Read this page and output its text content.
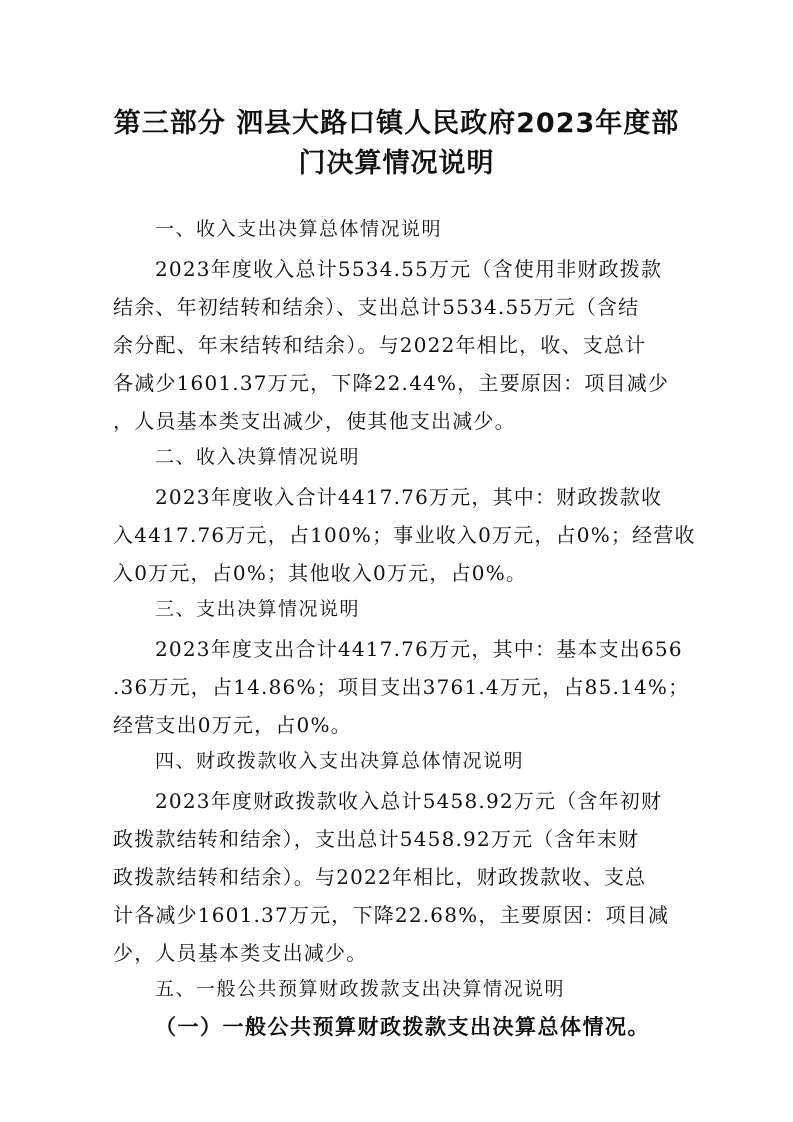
第三部分 泗县大路口镇人民政府2023年度部
门决算情况说明
一、收入支出决算总体情况说明
2023年度收入总计5534.55万元（含使用非财政拨款
结余、年初结转和结余）、支出总计5534.55万元（含结
余分配、年末结转和结余）。与2022年相比，收、支总计
各减少1601.37万元，下降22.44%，主要原因：项目减少
，人员基本类支出减少，使其他支出减少。
二、收入决算情况说明
2023年度收入合计4417.76万元，其中：财政拨款收
入4417.76万元，占100%；事业收入0万元，占0%；经营收
入0万元，占0%；其他收入0万元，占0%。
三、支出决算情况说明
2023年度支出合计4417.76万元，其中：基本支出656
.36万元，占14.86%；项目支出3761.4万元，占85.14%；
经营支出0万元，占0%。
四、财政拨款收入支出决算总体情况说明
2023年度财政拨款收入总计5458.92万元（含年初财
政拨款结转和结余），支出总计5458.92万元（含年末财
政拨款结转和结余）。与2022年相比，财政拨款收、支总
计各减少1601.37万元，下降22.68%，主要原因：项目减
少，人员基本类支出减少。
五、一般公共预算财政拨款支出决算情况说明
（一）一般公共预算财政拨款支出决算总体情况。
